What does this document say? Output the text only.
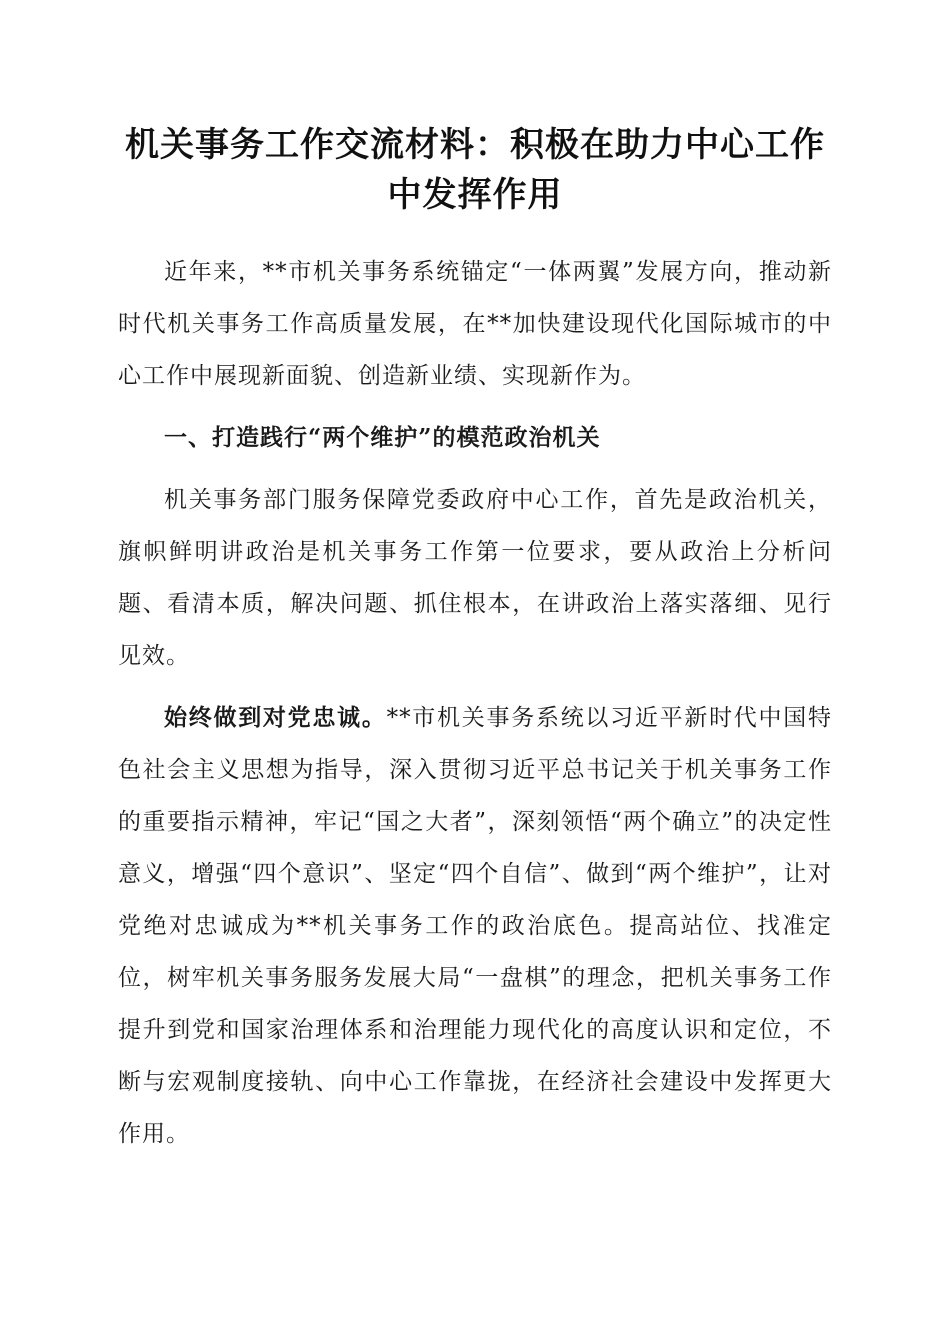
机关事务工作交流材料：积极在助力中心工作
中发挥作用

近年来，**市机关事务系统锚定“一体两翼”发展方向，推动新时代机关事务工作高质量发展，在**加快建设现代化国际城市的中心工作中展现新面貌、创造新业绩、实现新作为。

一、打造践行“两个维护”的模范政治机关

机关事务部门服务保障党委政府中心工作，首先是政治机关，旗帜鲜明讲政治是机关事务工作第一位要求，要从政治上分析问题、看清本质，解决问题、抓住根本，在讲政治上落实落细、见行见效。

始终做到对党忠诚。**市机关事务系统以习近平新时代中国特色社会主义思想为指导，深入贯彻习近平总书记关于机关事务工作的重要指示精神，牢记“国之大者”，深刻领悟“两个确立”的决定性意义，增强“四个意识”、坚定“四个自信”、做到“两个维护”，让对党绝对忠诚成为**机关事务工作的政治底色。提高站位、找准定位，树牢机关事务服务发展大局“一盘棋”的理念，把机关事务工作提升到党和国家治理体系和治理能力现代化的高度认识和定位，不断与宏观制度接轨、向中心工作靠拢，在经济社会建设中发挥更大作用。
